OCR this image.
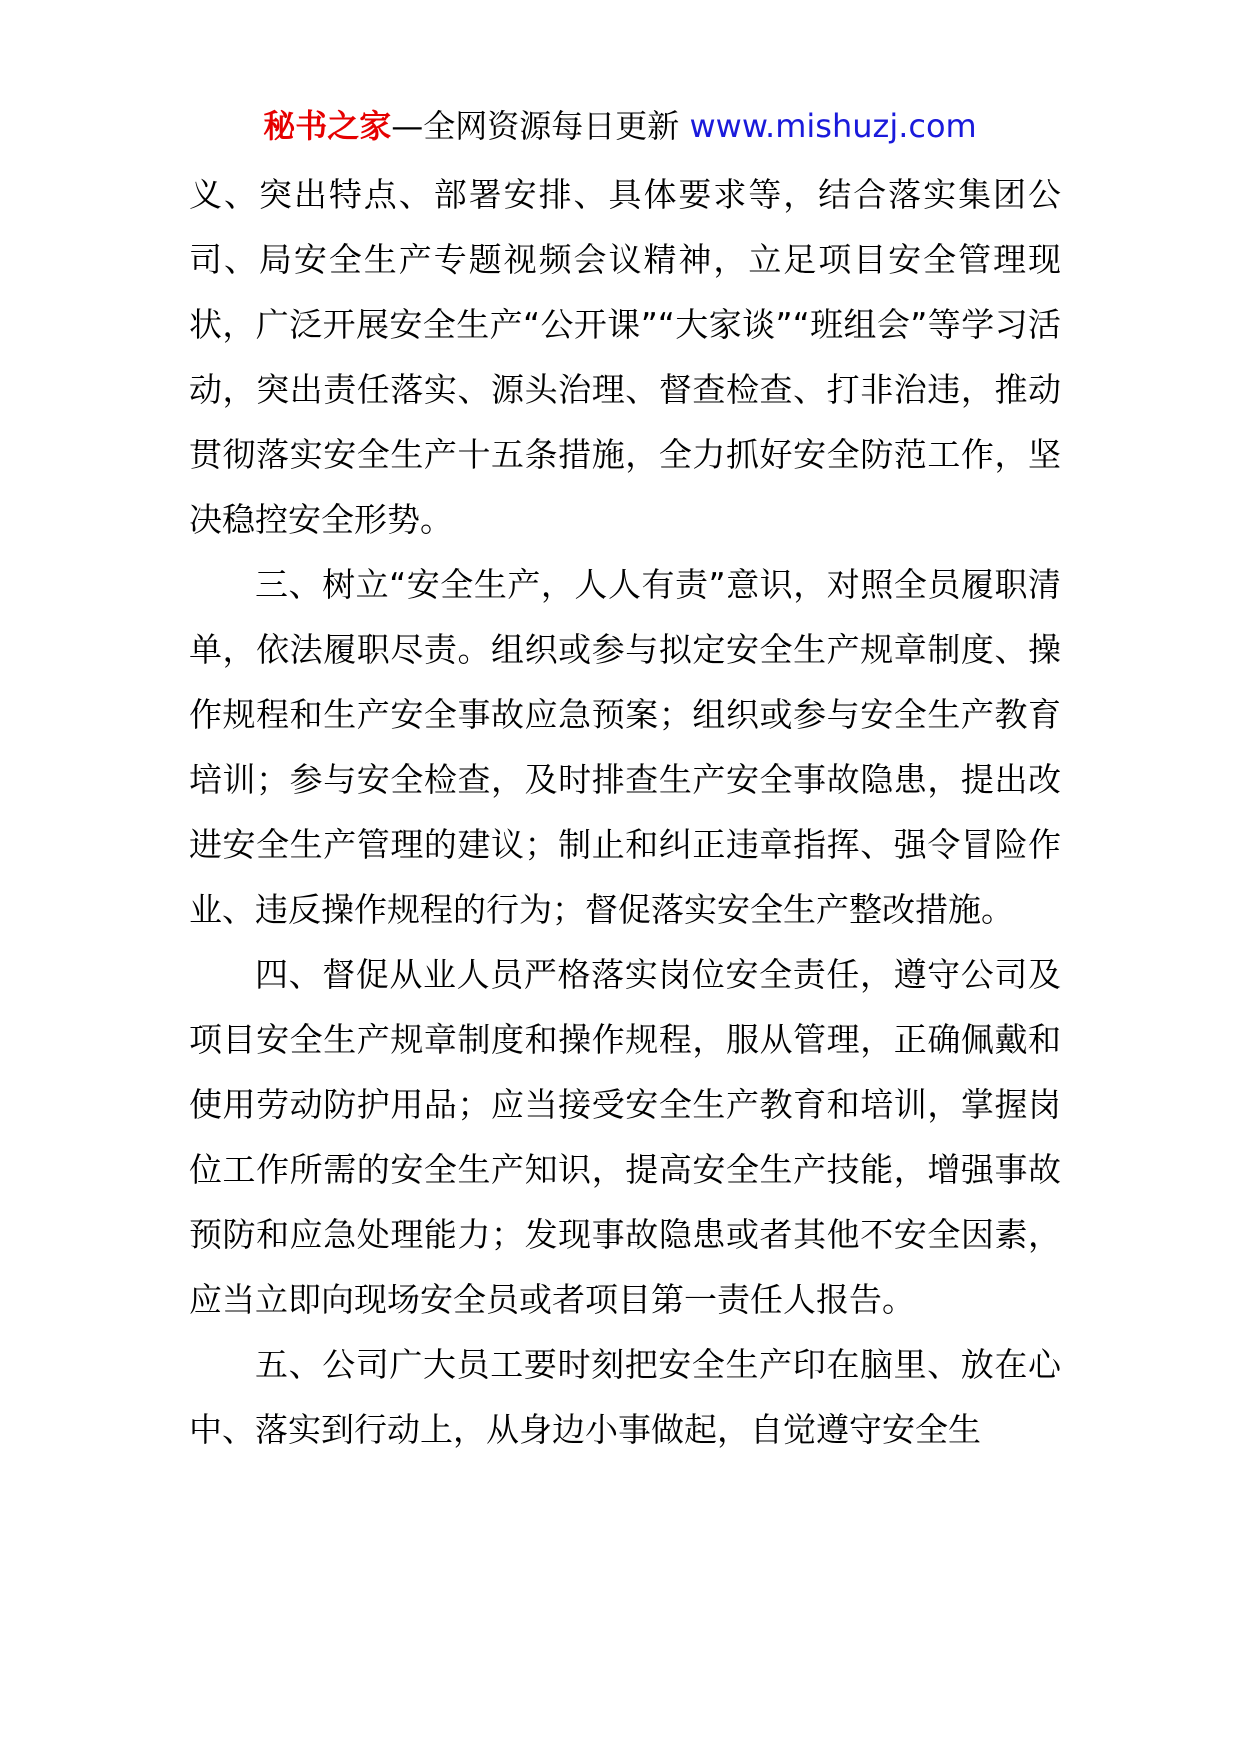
秘书之家—全网资源每日更新 www.mishuzj.com

义、突出特点、部署安排、具体要求等，结合落实集团公司、局安全生产专题视频会议精神，立足项目安全管理现状，广泛开展安全生产“公开课”“大家谈”“班组会”等学习活动，突出责任落实、源头治理、督查检查、打非治违，推动贯彻落实安全生产十五条措施，全力抓好安全防范工作，坚决稳控安全形势。

三、树立“安全生产，人人有责”意识，对照全员履职清单，依法履职尽责。组织或参与拟定安全生产规章制度、操作规程和生产安全事故应急预案；组织或参与安全生产教育培训；参与安全检查，及时排查生产安全事故隐患，提出改进安全生产管理的建议；制止和纠正违章指挥、强令冒险作业、违反操作规程的行为；督促落实安全生产整改措施。

四、督促从业人员严格落实岗位安全责任，遵守公司及项目安全生产规章制度和操作规程，服从管理，正确佩戴和使用劳动防护用品；应当接受安全生产教育和培训，掌握岗位工作所需的安全生产知识，提高安全生产技能，增强事故预防和应急处理能力；发现事故隐患或者其他不安全因素，应当立即向现场安全员或者项目第一责任人报告。

五、公司广大员工要时刻把安全生产印在脑里、放在心中、落实到行动上，从身边小事做起，自觉遵守安全生
